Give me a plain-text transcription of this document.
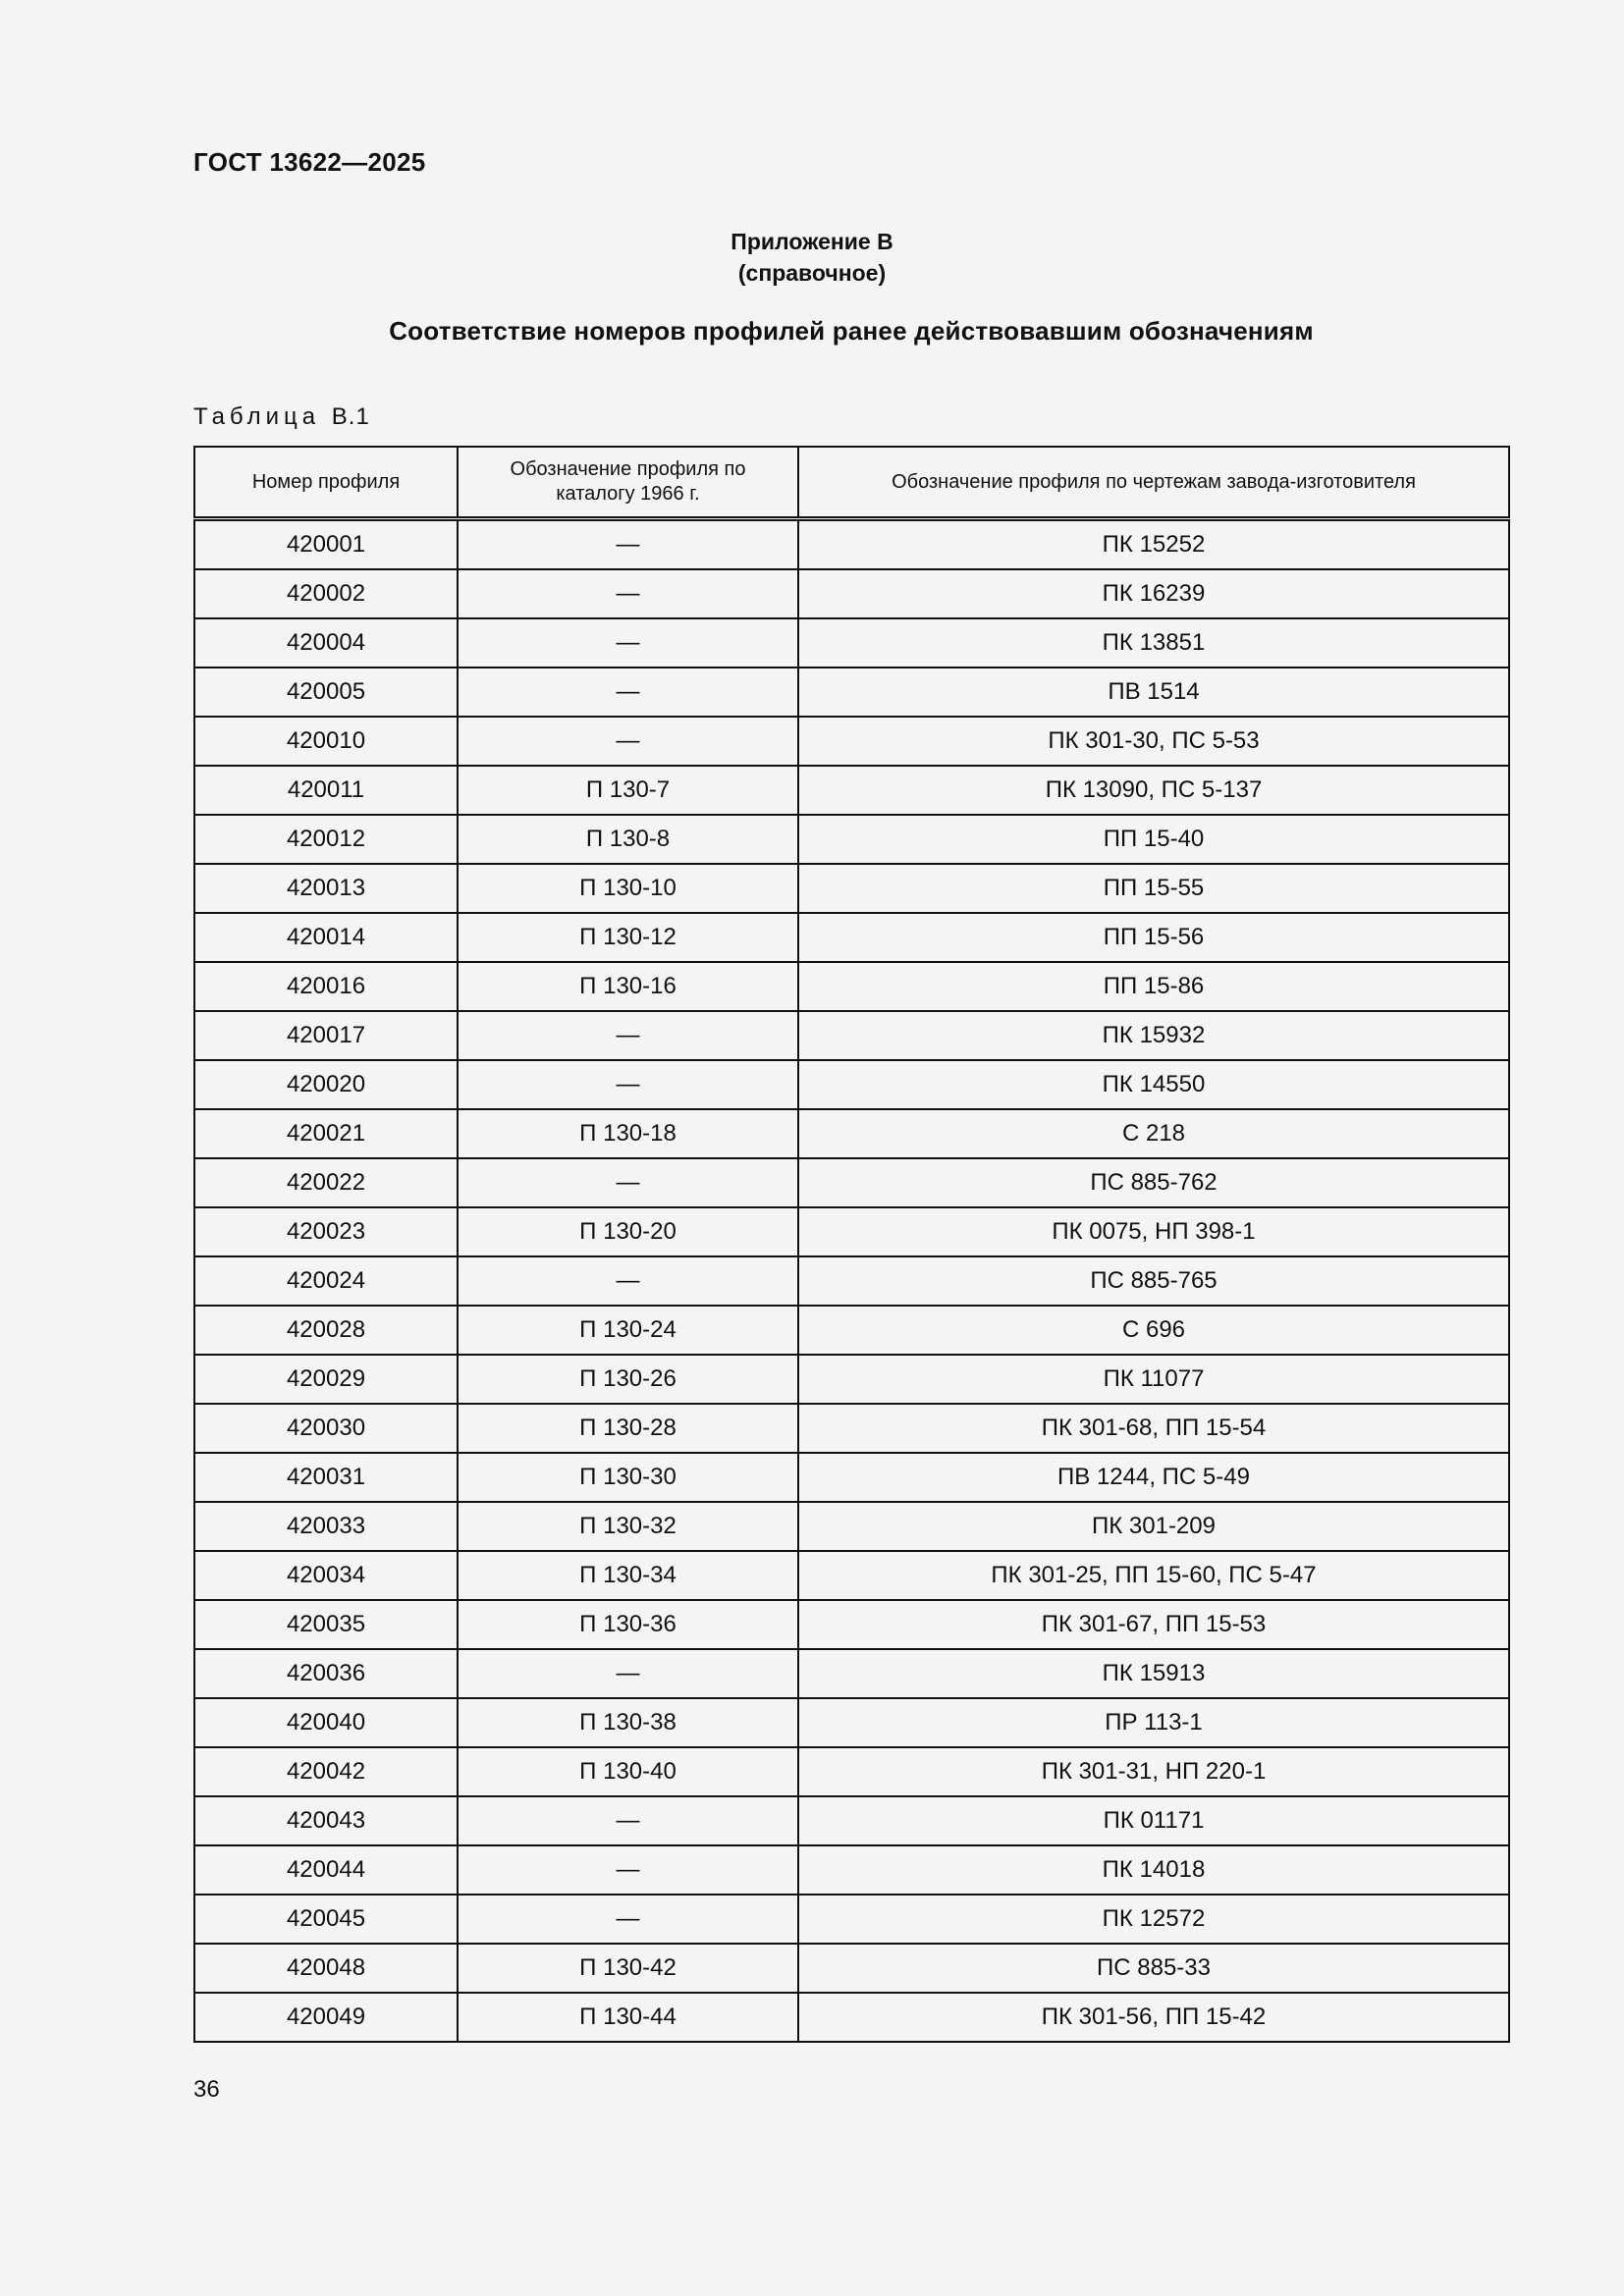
ГОСТ 13622—2025
Приложение В
(справочное)
Соответствие номеров профилей ранее действовавшим обозначениям
Таблица В.1
Номер профиля	Обозначение профиля по каталогу 1966 г.	Обозначение профиля по чертежам завода-изготовителя
420001	—	ПК 15252
420002	—	ПК 16239
420004	—	ПК 13851
420005	—	ПВ 1514
420010	—	ПК 301-30, ПС 5-53
420011	П 130-7	ПК 13090, ПС 5-137
420012	П 130-8	ПП 15-40
420013	П 130-10	ПП 15-55
420014	П 130-12	ПП 15-56
420016	П 130-16	ПП 15-86
420017	—	ПК 15932
420020	—	ПК 14550
420021	П 130-18	С 218
420022	—	ПС 885-762
420023	П 130-20	ПК 0075, НП 398-1
420024	—	ПС 885-765
420028	П 130-24	С 696
420029	П 130-26	ПК 11077
420030	П 130-28	ПК 301-68, ПП 15-54
420031	П 130-30	ПВ 1244, ПС 5-49
420033	П 130-32	ПК 301-209
420034	П 130-34	ПК 301-25, ПП 15-60, ПС 5-47
420035	П 130-36	ПК 301-67, ПП 15-53
420036	—	ПК 15913
420040	П 130-38	ПР 113-1
420042	П 130-40	ПК 301-31, НП 220-1
420043	—	ПК 01171
420044	—	ПК 14018
420045	—	ПК 12572
420048	П 130-42	ПС 885-33
420049	П 130-44	ПК 301-56, ПП 15-42
36
